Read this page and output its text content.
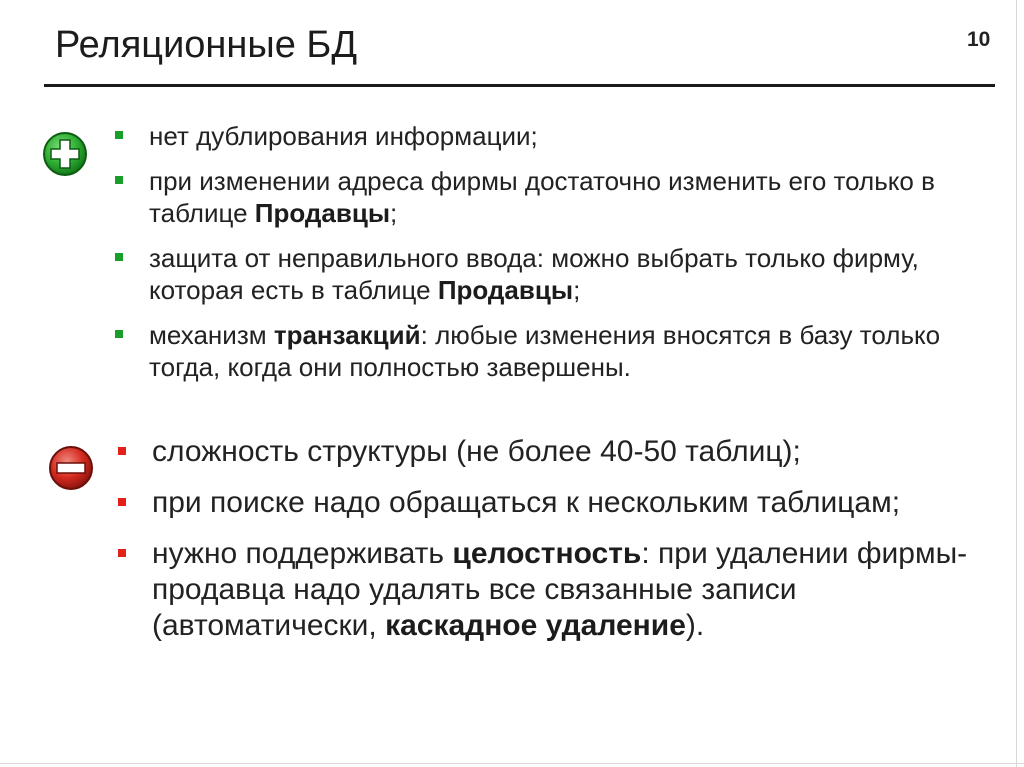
Реляционные БД	10
нет дублирования информации;
при изменении адреса фирмы достаточно изменить его только в таблице Продавцы;
защита от неправильного ввода: можно выбрать только фирму, которая есть в таблице Продавцы;
механизм транзакций: любые изменения вносятся в базу только тогда, когда они полностью завершены.
сложность структуры (не более 40-50 таблиц);
при поиске надо обращаться к нескольким таблицам;
нужно поддерживать целостность: при удалении фирмы-продавца надо удалять все связанные записи (автоматически, каскадное удаление).
